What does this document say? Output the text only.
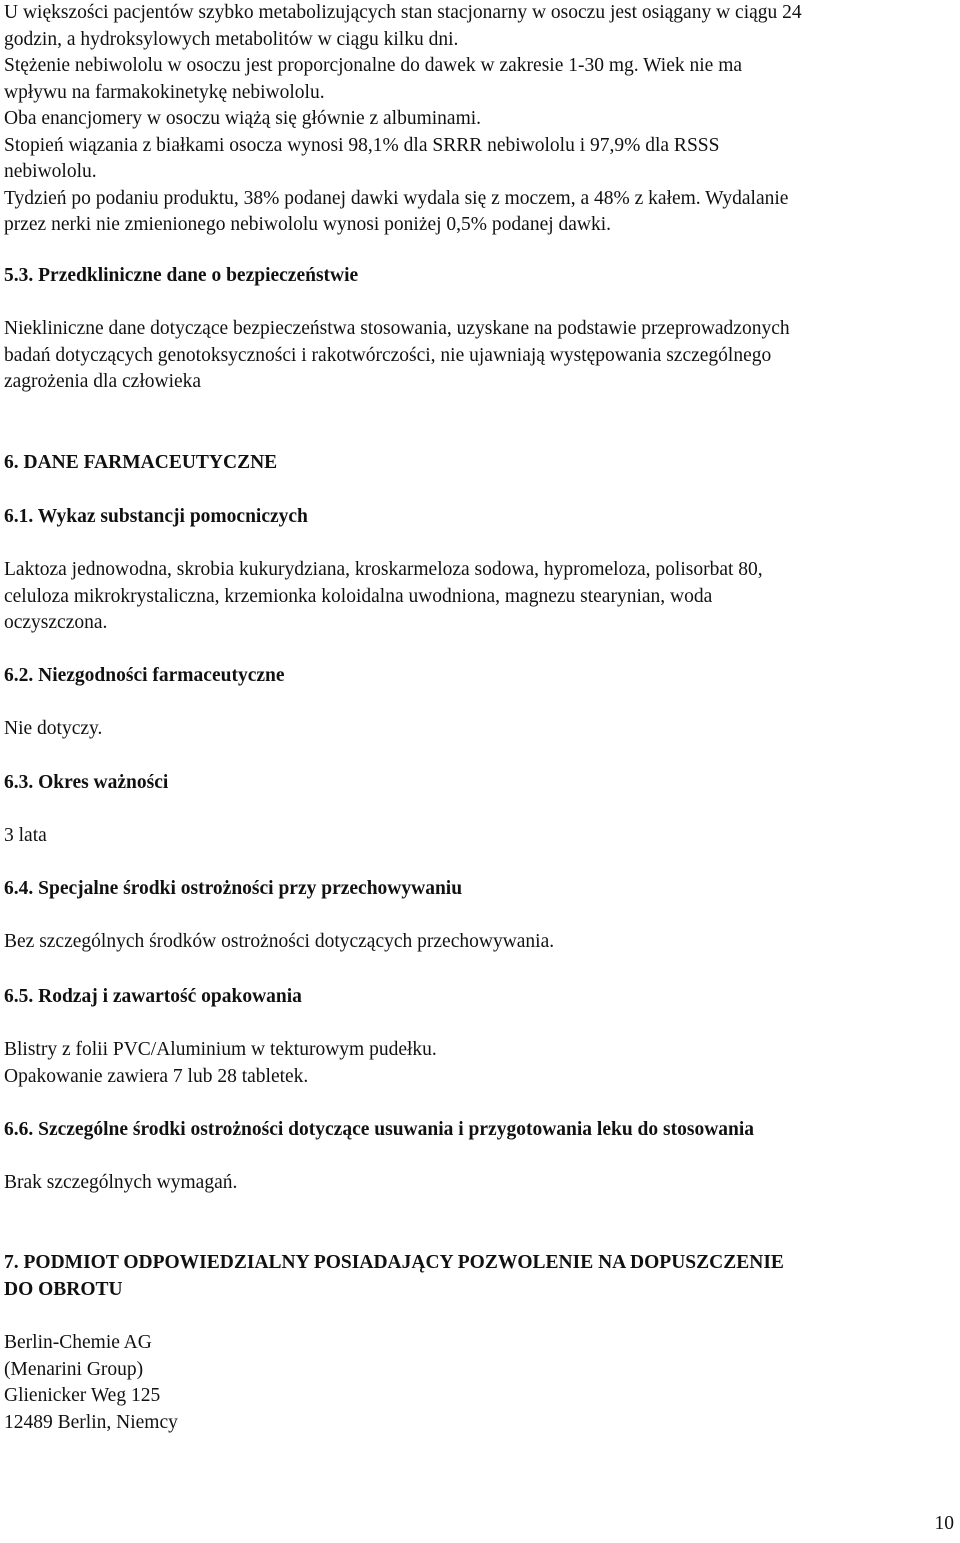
U większości pacjentów szybko metabolizujących stan stacjonarny w osoczu jest osiągany w ciągu 24
godzin, a hydroksylowych metabolitów w ciągu kilku dni.
Stężenie nebiwololu w osoczu jest proporcjonalne do dawek w zakresie 1-30 mg. Wiek nie ma
wpływu na farmakokinetykę nebiwololu.
Oba enancjomery w osoczu wiążą się głównie z albuminami.
Stopień wiązania z białkami osocza wynosi 98,1% dla SRRR nebiwololu i 97,9% dla RSSS
nebiwololu.
Tydzień po podaniu produktu, 38% podanej dawki wydala się z moczem, a 48% z kałem. Wydalanie
przez nerki nie zmienionego nebiwololu wynosi poniżej 0,5% podanej dawki.
5.3. Przedkliniczne dane o bezpieczeństwie
Niekliniczne dane dotyczące bezpieczeństwa stosowania, uzyskane na podstawie przeprowadzonych
badań dotyczących genotoksyczności i rakotwórczości, nie ujawniają występowania szczególnego
zagrożenia dla człowieka
6. DANE FARMACEUTYCZNE
6.1. Wykaz substancji pomocniczych
Laktoza jednowodna, skrobia kukurydziana, kroskarmeloza sodowa, hypromeloza, polisorbat 80,
celuloza mikrokrystaliczna, krzemionka koloidalna uwodniona, magnezu stearynian, woda
oczyszczona.
6.2. Niezgodności farmaceutyczne
Nie dotyczy.
6.3. Okres ważności
3 lata
6.4. Specjalne środki ostrożności przy przechowywaniu
Bez szczególnych środków ostrożności dotyczących przechowywania.
6.5. Rodzaj i zawartość opakowania
Blistry z folii PVC/Aluminium w tekturowym pudełku.
Opakowanie zawiera 7 lub 28 tabletek.
6.6. Szczególne środki ostrożności dotyczące usuwania i przygotowania leku do stosowania
Brak szczególnych wymagań.
7. PODMIOT ODPOWIEDZIALNY POSIADAJĄCY POZWOLENIE NA DOPUSZCZENIE
DO OBROTU
Berlin-Chemie AG
(Menarini Group)
Glienicker Weg 125
12489 Berlin, Niemcy
10
